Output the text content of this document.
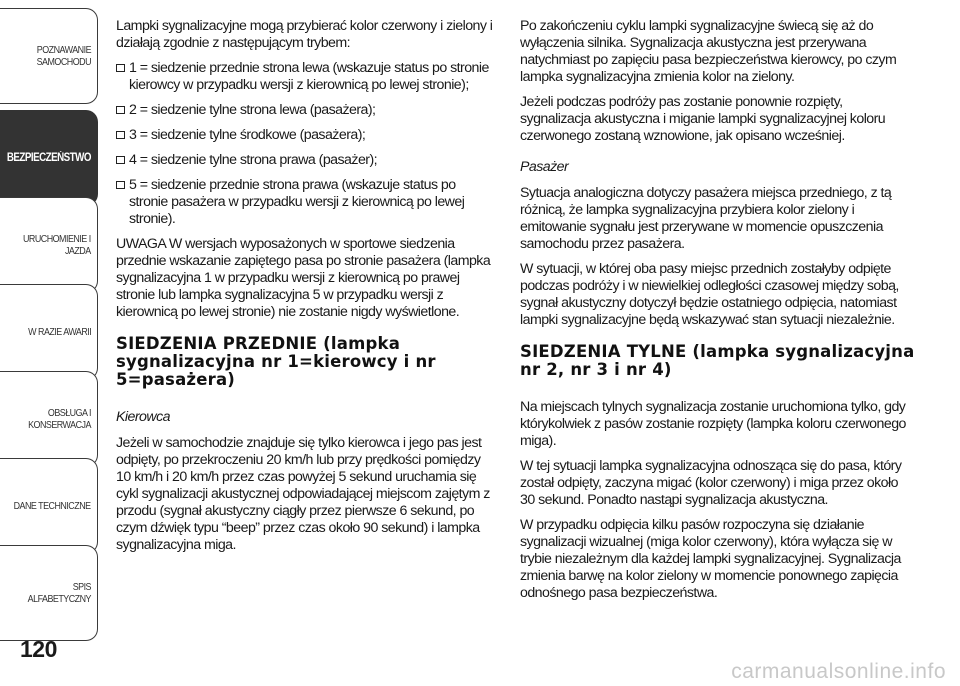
POZNAWANIE
SAMOCHODU
BEZPIECZEŃSTWO
URUCHOMIENIE I
JAZDA
W RAZIE AWARII
OBSŁUGA I
KONSERWACJA
DANE TECHNICZNE
SPIS ALFABETYCZNY
120

Lampki sygnalizacyjne mogą przybierać kolor czerwony i zielony i działają zgodnie z następującym trybem:

1 = siedzenie przednie strona lewa (wskazuje status po stronie kierowcy w przypadku wersji z kierownicą po lewej stronie);
2 = siedzenie tylne strona lewa (pasażera);
3 = siedzenie tylne środkowe (pasażera);
4 = siedzenie tylne strona prawa (pasażer);
5 = siedzenie przednie strona prawa (wskazuje status po stronie pasażera w przypadku wersji z kierownicą po lewej stronie).

UWAGA W wersjach wyposażonych w sportowe siedzenia przednie wskazanie zapiętego pasa po stronie pasażera (lampka sygnalizacyjna 1 w przypadku wersji z kierownicą po prawej stronie lub lampka sygnalizacyjna 5 w przypadku wersji z kierownicą po lewej stronie) nie zostanie nigdy wyświetlone.

SIEDZENIA PRZEDNIE (lampka sygnalizacyjna nr 1=kierowcy i nr 5=pasażera)

Kierowca

Jeżeli w samochodzie znajduje się tylko kierowca i jego pas jest odpięty, po przekroczeniu 20 km/h lub przy prędkości pomiędzy 10 km/h i 20 km/h przez czas powyżej 5 sekund uruchamia się cykl sygnalizacji akustycznej odpowiadającej miejscom zajętym z przodu (sygnał akustyczny ciągły przez pierwsze 6 sekund, po czym dźwięk typu “beep” przez czas około 90 sekund) i lampka sygnalizacyjna miga.

Po zakończeniu cyklu lampki sygnalizacyjne świecą się aż do wyłączenia silnika. Sygnalizacja akustyczna jest przerywana natychmiast po zapięciu pasa bezpieczeństwa kierowcy, po czym lampka sygnalizacyjna zmienia kolor na zielony.

Jeżeli podczas podróży pas zostanie ponownie rozpięty, sygnalizacja akustyczna i miganie lampki sygnalizacyjnej koloru czerwonego zostaną wznowione, jak opisano wcześniej.

Pasażer

Sytuacja analogiczna dotyczy pasażera miejsca przedniego, z tą różnicą, że lampka sygnalizacyjna przybiera kolor zielony i emitowanie sygnału jest przerywane w momencie opuszczenia samochodu przez pasażera.

W sytuacji, w której oba pasy miejsc przednich zostałyby odpięte podczas podróży i w niewielkiej odległości czasowej między sobą, sygnał akustyczny dotyczył będzie ostatniego odpięcia, natomiast lampki sygnalizacyjne będą wskazywać stan sytuacji niezależnie.

SIEDZENIA TYLNE (lampka sygnalizacyjna nr 2, nr 3 i nr 4)

Na miejscach tylnych sygnalizacja zostanie uruchomiona tylko, gdy którykolwiek z pasów zostanie rozpięty (lampka koloru czerwonego miga).

W tej sytuacji lampka sygnalizacyjna odnosząca się do pasa, który został odpięty, zaczyna migać (kolor czerwony) i miga przez około 30 sekund. Ponadto nastąpi sygnalizacja akustyczna.

W przypadku odpięcia kilku pasów rozpoczyna się działanie sygnalizacji wizualnej (miga kolor czerwony), która wyłącza się w trybie niezależnym dla każdej lampki sygnalizacyjnej. Sygnalizacja zmienia barwę na kolor zielony w momencie ponownego zapięcia odnośnego pasa bezpieczeństwa.

carmanualsonline.info
